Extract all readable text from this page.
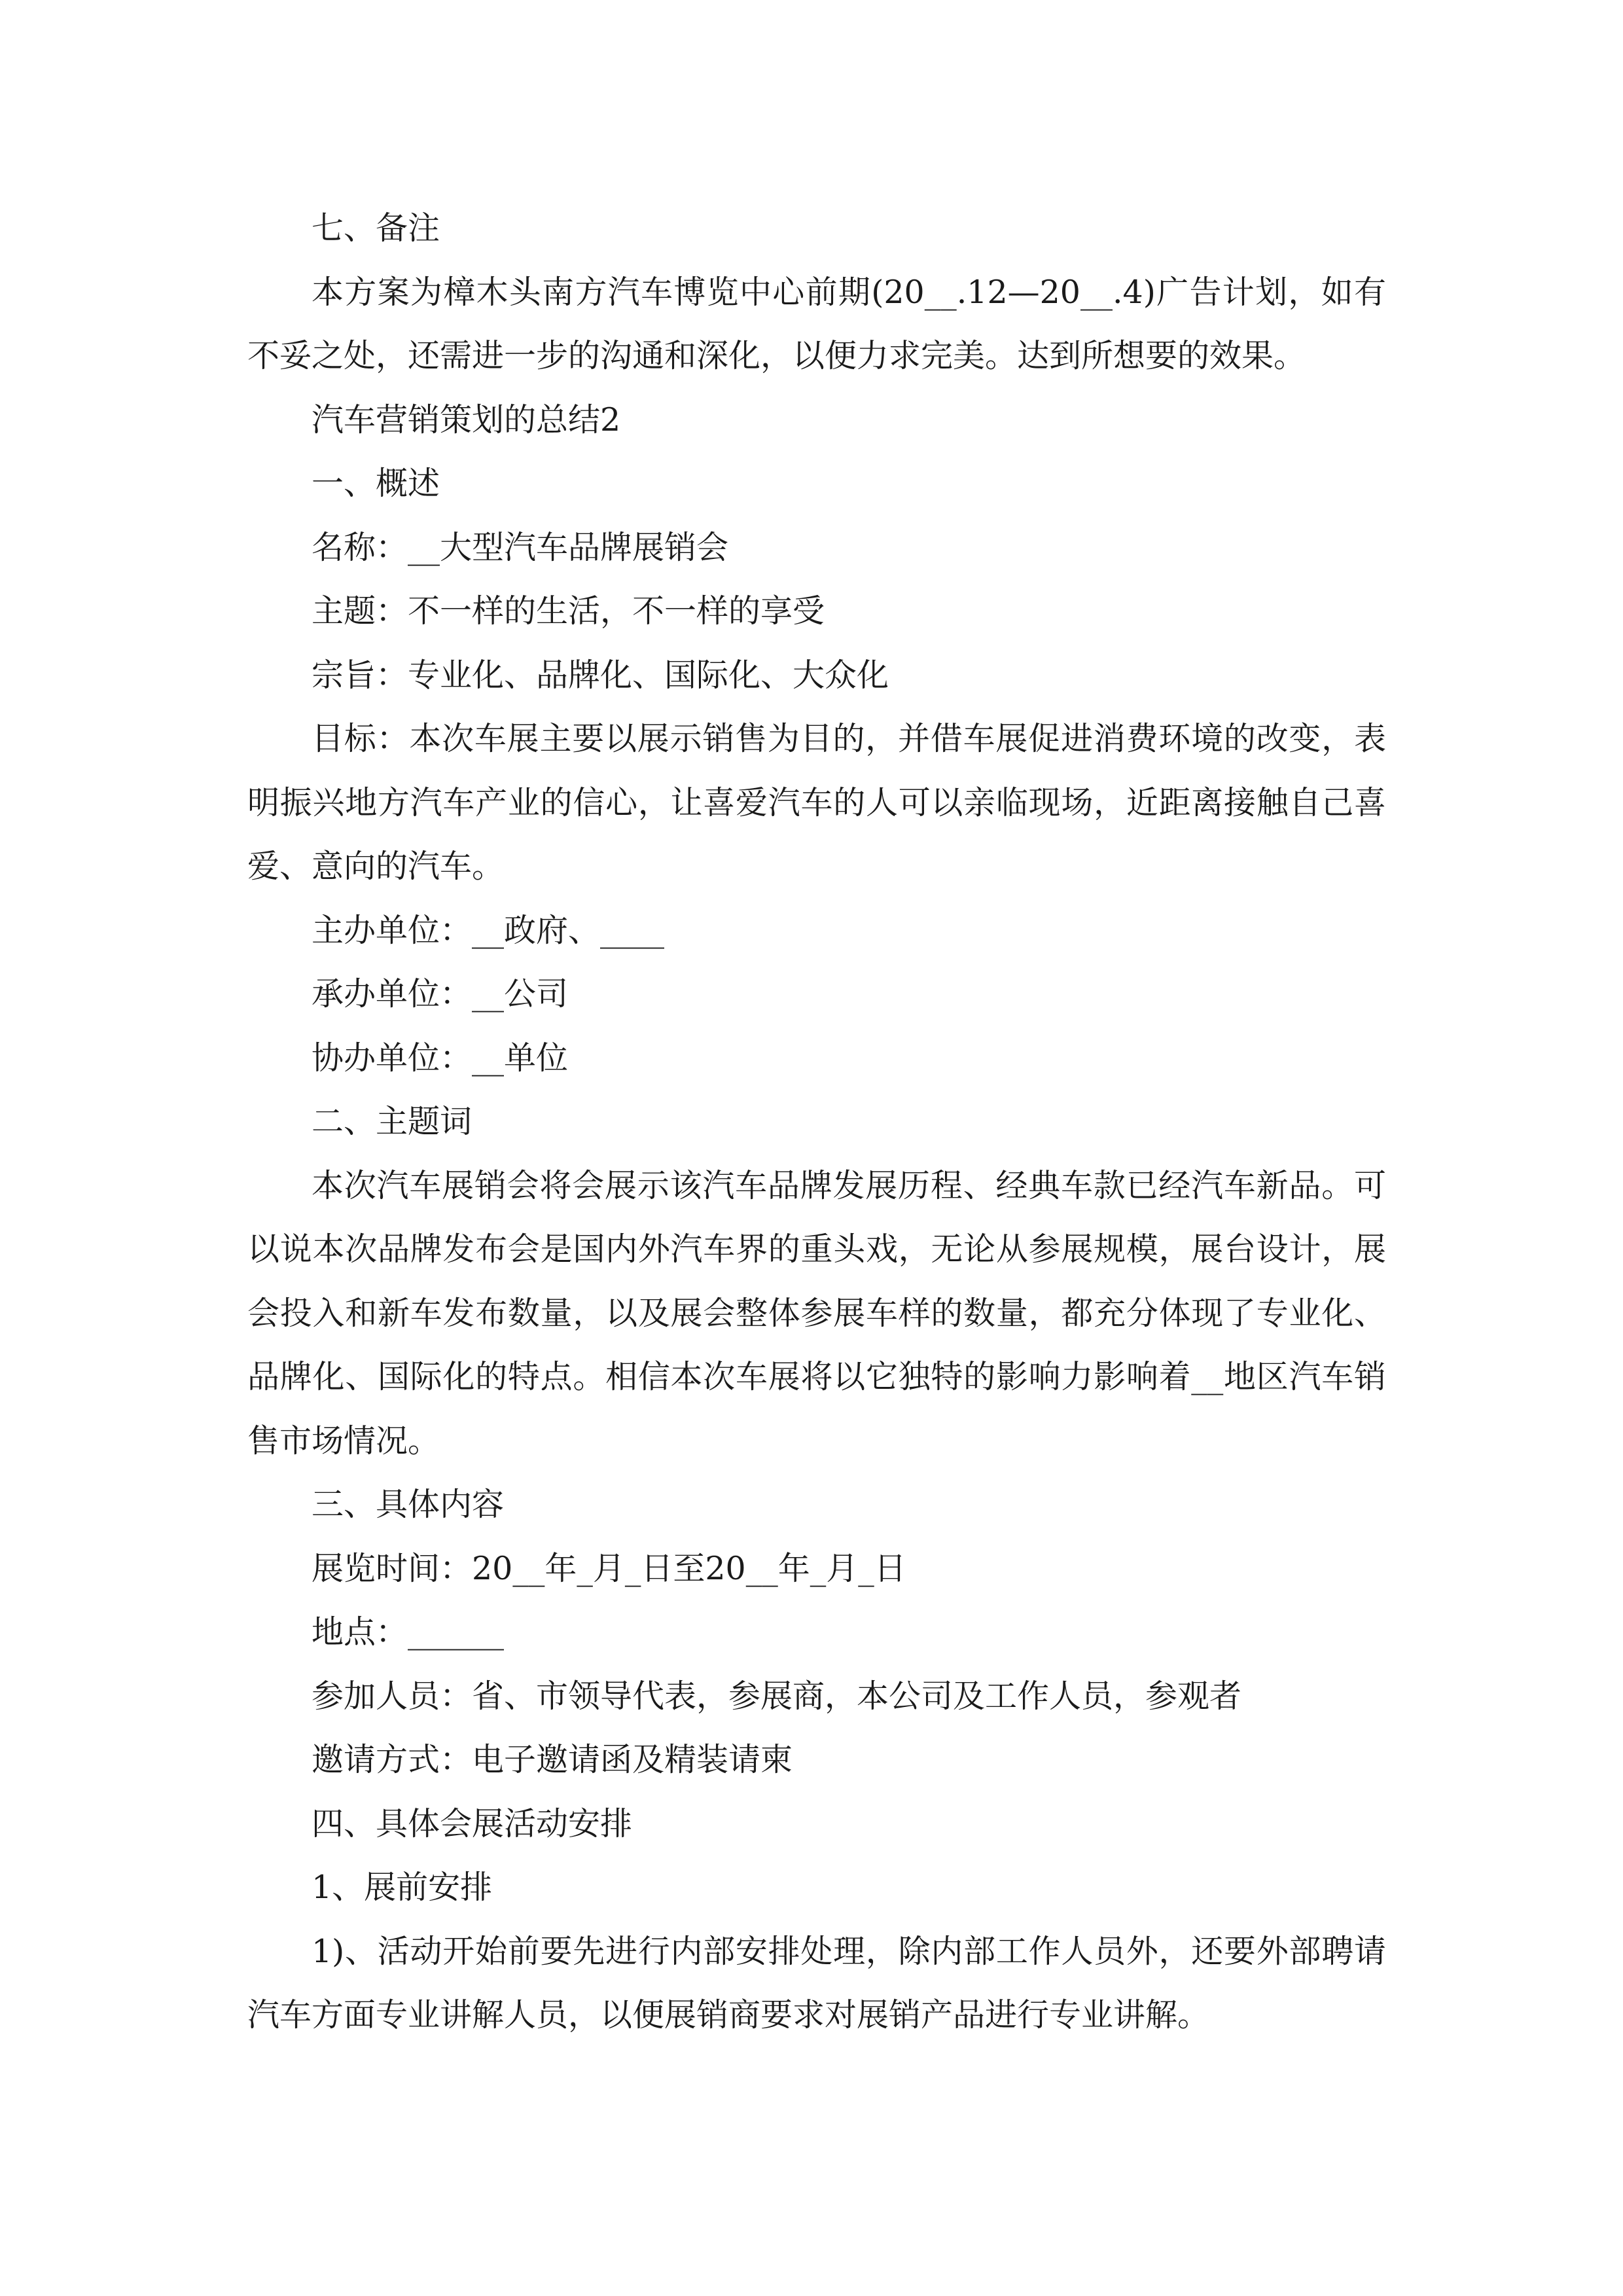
七、备注

本方案为樟木头南方汽车博览中心前期(20__.12—20__.4)广告计划，如有不妥之处，还需进一步的沟通和深化，以便力求完美。达到所想要的效果。

汽车营销策划的总结2

一、概述

名称：__大型汽车品牌展销会

主题：不一样的生活，不一样的享受

宗旨：专业化、品牌化、国际化、大众化

目标：本次车展主要以展示销售为目的，并借车展促进消费环境的改变，表明振兴地方汽车产业的信心，让喜爱汽车的人可以亲临现场，近距离接触自己喜爱、意向的汽车。

主办单位：__政府、____

承办单位：__公司

协办单位：__单位

二、主题词

本次汽车展销会将会展示该汽车品牌发展历程、经典车款已经汽车新品。可以说本次品牌发布会是国内外汽车界的重头戏，无论从参展规模，展台设计，展会投入和新车发布数量，以及展会整体参展车样的数量，都充分体现了专业化、品牌化、国际化的特点。相信本次车展将以它独特的影响力影响着__地区汽车销售市场情况。

三、具体内容

展览时间：20__年_月_日至20__年_月_日

地点：______

参加人员：省、市领导代表，参展商，本公司及工作人员，参观者

邀请方式：电子邀请函及精装请柬

四、具体会展活动安排

1、展前安排

1)、活动开始前要先进行内部安排处理，除内部工作人员外，还要外部聘请汽车方面专业讲解人员，以便展销商要求对展销产品进行专业讲解。
